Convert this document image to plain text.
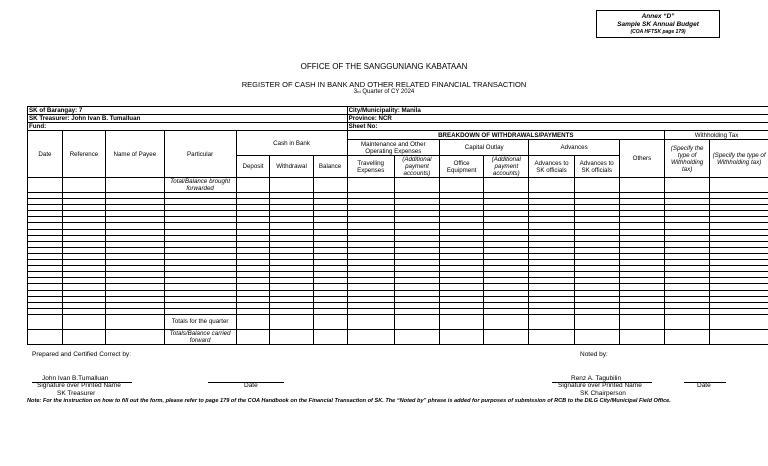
Annex “D”
Sample SK Annual Budget
(COA HFTSK page 179)
OFFICE OF THE SANGGUNIANG KABATAAN
REGISTER OF CASH IN BANK AND OTHER RELATED FINANCIAL TRANSACTION
3rd Quarter of CY 2024
SK of Barangay: 7							City/Municipality: Manila								
SK Treasurer: John Ivan B. Tumalluan							Province: NCR								
Fund:							Sheet No:								
Date	Reference	Name of Payee	Particular	Cash in Bank			BREAKDOWN OF WITHDRAWALS/PAYMENTS							Withholding Tax	
							Maintenance and Other Operating Expenses		Capital Outlay		Advances		Others	(Specify the type of Withholding tax)	(Specify the type of Withholding tax)
				Deposit	Withdrawal	Balance	Travelling Expenses	(Additional payment accounts)	Office Equipment	(Additional payment accounts)	Advances to SK officials	Advances to SK officials			

			Total/Balance brought forwarded												

			Totals for the quarter												
			Totals/Balance carried forward												
Prepared and Certified Correct by:	Noted by:
John Ivan B.Tumalluan
Signature over Printed Name
SK Treasurer
Date
Renz A. Tagubilin
Signature over Printed Name
SK Chairperson
Date
Note: For the instruction on how to fill out the form, please refer to page 179 of the COA Handbook on the Financial Transaction of SK. The “Noted by” phrase is added for purposes of submission of RCB to the DILG City/Municipal Field Office.
